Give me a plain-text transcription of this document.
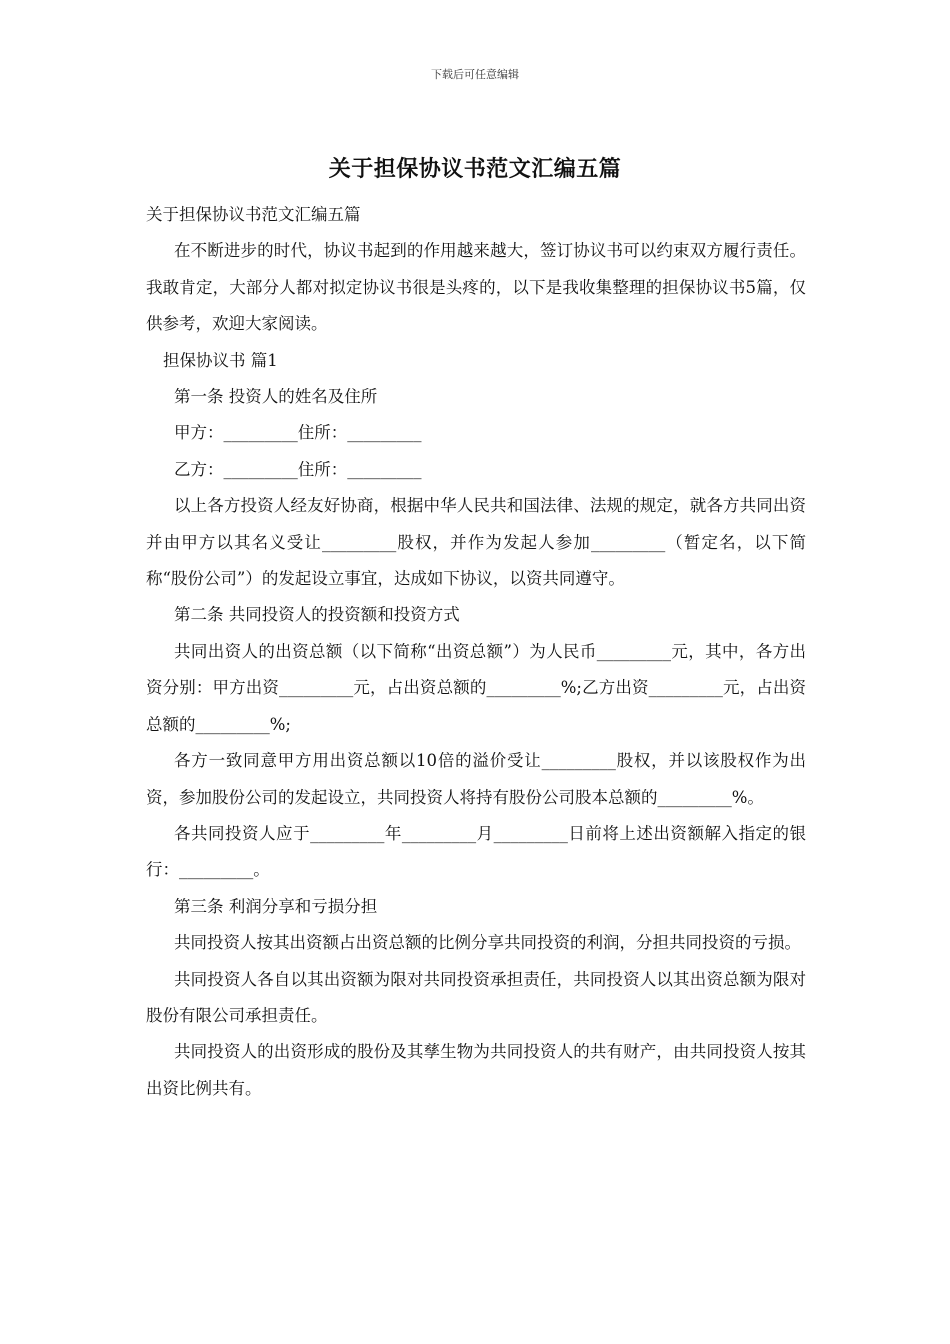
下载后可任意编辑
关于担保协议书范文汇编五篇

关于担保协议书范文汇编五篇

在不断进步的时代，协议书起到的作用越来越大，签订协议书可以约束双方履行责任。我敢肯定，大部分人都对拟定协议书很是头疼的，以下是我收集整理的担保协议书5篇，仅供参考，欢迎大家阅读。

担保协议书 篇1

第一条 投资人的姓名及住所

甲方：_________住所：_________

乙方：_________住所：_________

以上各方投资人经友好协商，根据中华人民共和国法律、法规的规定，就各方共同出资并由甲方以其名义受让_________股权，并作为发起人参加_________（暂定名，以下简称“股份公司”）的发起设立事宜，达成如下协议，以资共同遵守。

第二条 共同投资人的投资额和投资方式

共同出资人的出资总额（以下简称“出资总额”）为人民币_________元，其中，各方出资分别：甲方出资_________元，占出资总额的_________%;乙方出资_________元，占出资总额的_________%;

各方一致同意甲方用出资总额以10倍的溢价受让_________股权，并以该股权作为出资，参加股份公司的发起设立，共同投资人将持有股份公司股本总额的_________%。

各共同投资人应于_________年_________月_________日前将上述出资额解入指定的银行：_________。

第三条 利润分享和亏损分担

共同投资人按其出资额占出资总额的比例分享共同投资的利润，分担共同投资的亏损。

共同投资人各自以其出资额为限对共同投资承担责任，共同投资人以其出资总额为限对股份有限公司承担责任。

共同投资人的出资形成的股份及其孳生物为共同投资人的共有财产，由共同投资人按其出资比例共有。
